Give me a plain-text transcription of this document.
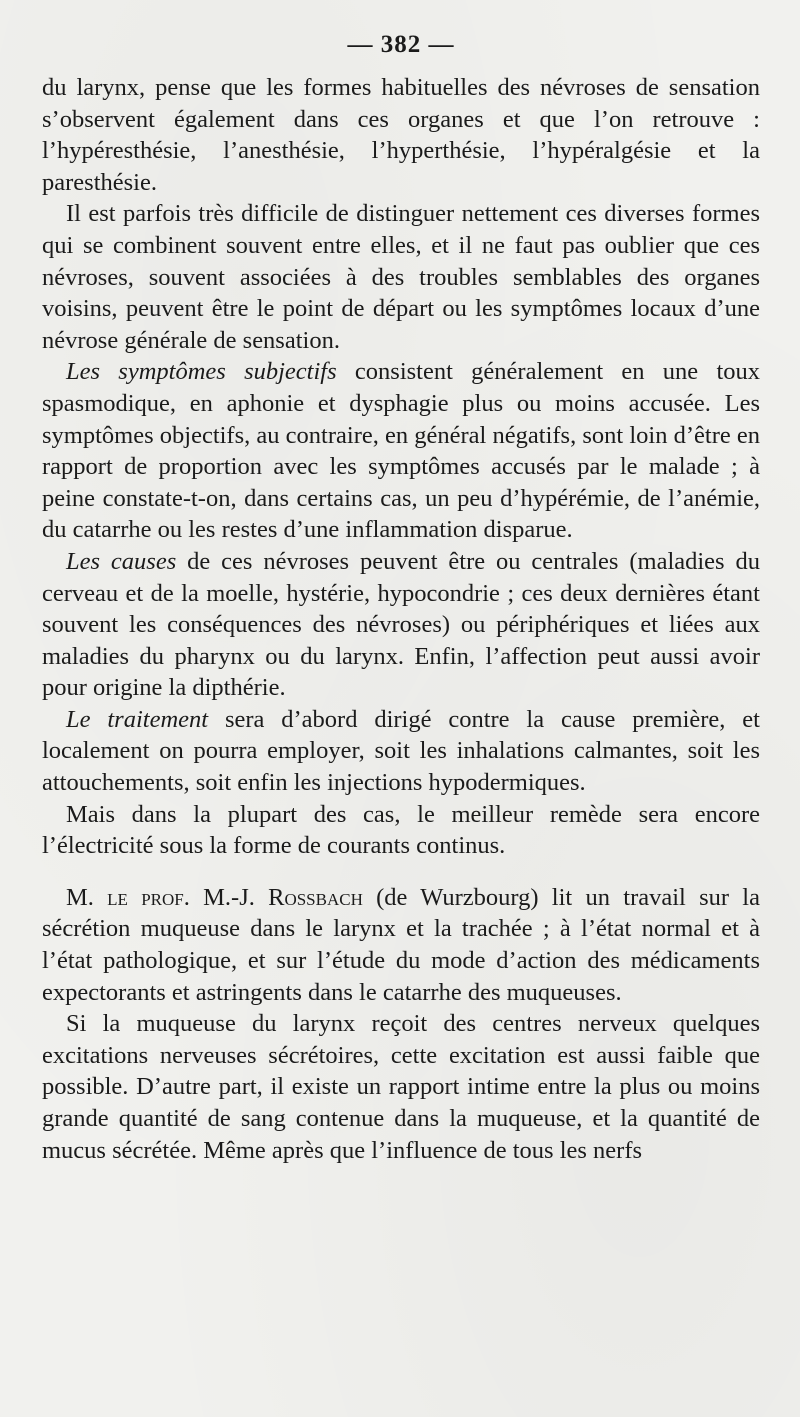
— 382 —

du larynx, pense que les formes habituelles des névroses de sensation s’observent également dans ces organes et que l’on retrouve : l’hypéresthésie, l’anesthésie, l’hyperthésie, l’hypéralgésie et la paresthésie.

Il est parfois très difficile de distinguer nettement ces diverses formes qui se combinent souvent entre elles, et il ne faut pas oublier que ces névroses, souvent associées à des troubles semblables des organes voisins, peuvent être le point de départ ou les symptômes locaux d’une névrose générale de sensation.

Les symptômes subjectifs consistent généralement en une toux spasmodique, en aphonie et dysphagie plus ou moins accusée. Les symptômes objectifs, au contraire, en général négatifs, sont loin d’être en rapport de proportion avec les symptômes accusés par le malade ; à peine constate-t-on, dans certains cas, un peu d’hypérémie, de l’anémie, du catarrhe ou les restes d’une inflammation disparue.

Les causes de ces névroses peuvent être ou centrales (maladies du cerveau et de la moelle, hystérie, hypocondrie ; ces deux dernières étant souvent les conséquences des névroses) ou périphériques et liées aux maladies du pharynx ou du larynx. Enfin, l’affection peut aussi avoir pour origine la dipthérie.

Le traitement sera d’abord dirigé contre la cause première, et localement on pourra employer, soit les inhalations calmantes, soit les attouchements, soit enfin les injections hypodermiques.

Mais dans la plupart des cas, le meilleur remède sera encore l’électricité sous la forme de courants continus.

M. le prof. M.-J. Rossbach (de Wurzbourg) lit un travail sur la sécrétion muqueuse dans le larynx et la trachée ; à l’état normal et à l’état pathologique, et sur l’étude du mode d’action des médicaments expectorants et astringents dans le catarrhe des muqueuses.

Si la muqueuse du larynx reçoit des centres nerveux quelques excitations nerveuses sécrétoires, cette excitation est aussi faible que possible. D’autre part, il existe un rapport intime entre la plus ou moins grande quantité de sang contenue dans la muqueuse, et la quantité de mucus sécrétée. Même après que l’influence de tous les nerfs
